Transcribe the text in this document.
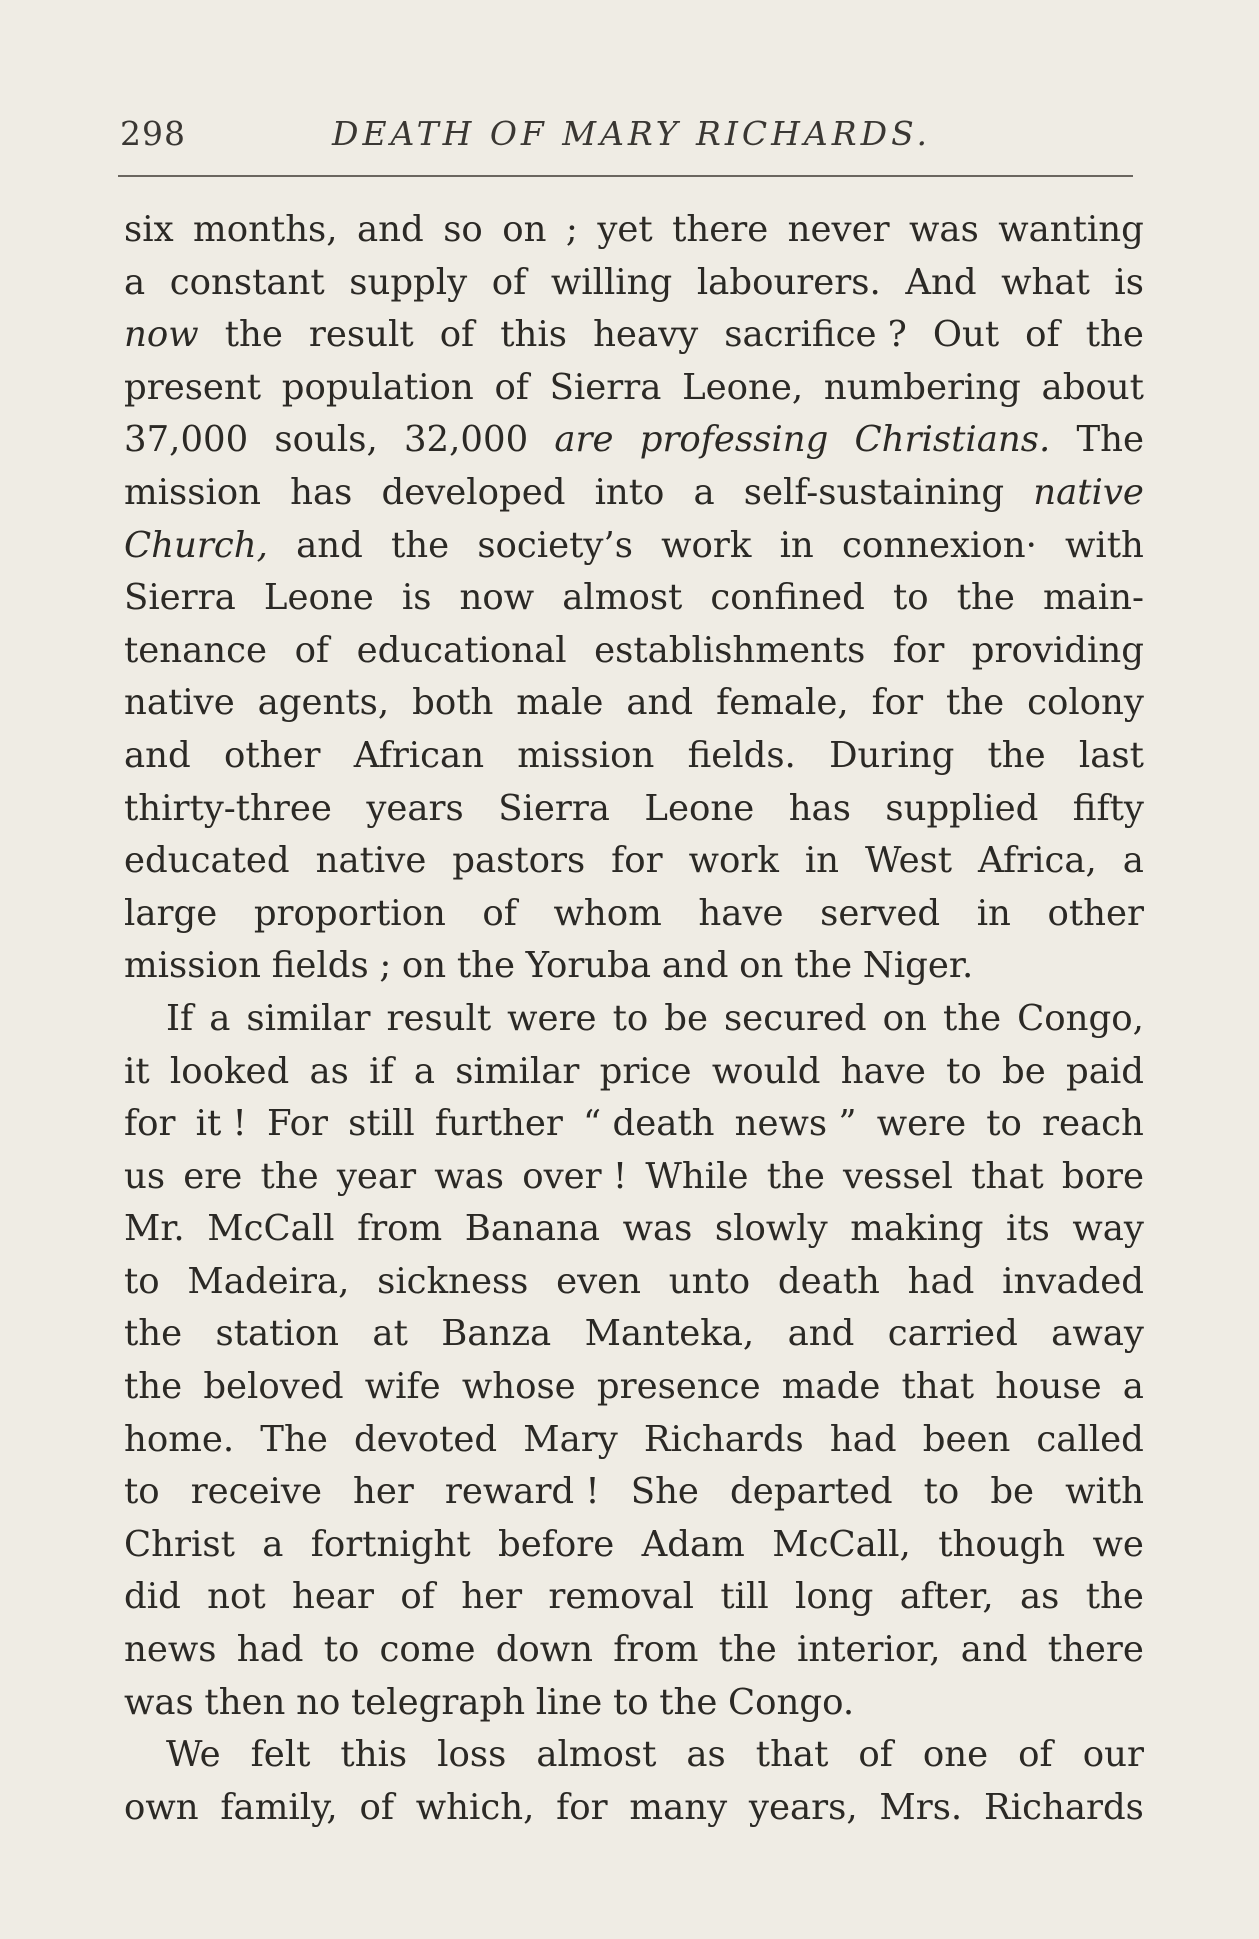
298	DEATH OF MARY RICHARDS.
six months, and so on ; yet there never was wanting
a constant supply of willing labourers. And what is
now the result of this heavy sacrifice ? Out of the
present population of Sierra Leone, numbering about
37,000 souls, 32,000 are professing Christians. The
mission has developed into a self-sustaining native
Church, and the society’s work in connexion· with
Sierra Leone is now almost confined to the main-
tenance of educational establishments for providing
native agents, both male and female, for the colony
and other African mission fields. During the last
thirty-three years Sierra Leone has supplied fifty
educated native pastors for work in West Africa, a
large proportion of whom have served in other
mission fields ; on the Yoruba and on the Niger.
If a similar result were to be secured on the Congo,
it looked as if a similar price would have to be paid
for it ! For still further “ death news ” were to reach
us ere the year was over ! While the vessel that bore
Mr. McCall from Banana was slowly making its way
to Madeira, sickness even unto death had invaded
the station at Banza Manteka, and carried away
the beloved wife whose presence made that house a
home. The devoted Mary Richards had been called
to receive her reward ! She departed to be with
Christ a fortnight before Adam McCall, though we
did not hear of her removal till long after, as the
news had to come down from the interior, and there
was then no telegraph line to the Congo.
We felt this loss almost as that of one of our
own family, of which, for many years, Mrs. Richards
